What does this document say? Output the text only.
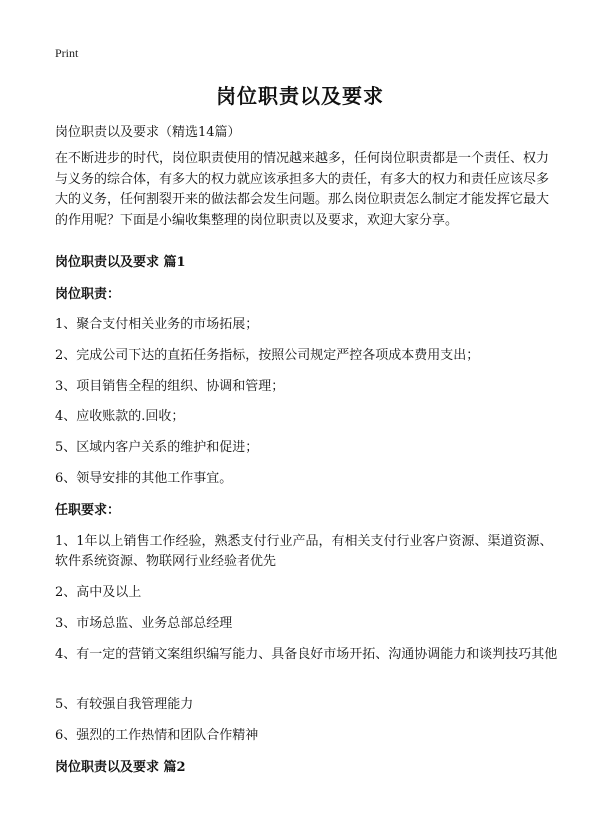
Print
岗位职责以及要求
岗位职责以及要求（精选14篇）

在不断进步的时代，岗位职责使用的情况越来越多，任何岗位职责都是一个责任、权力与义务的综合体，有多大的权力就应该承担多大的责任，有多大的权力和责任应该尽多大的义务，任何割裂开来的做法都会发生问题。那么岗位职责怎么制定才能发挥它最大的作用呢？下面是小编收集整理的岗位职责以及要求，欢迎大家分享。

岗位职责以及要求 篇1
岗位职责：
1、聚合支付相关业务的市场拓展；
2、完成公司下达的直拓任务指标，按照公司规定严控各项成本费用支出；
3、项目销售全程的组织、协调和管理；
4、应收账款的.回收；
5、区域内客户关系的维护和促进；
6、领导安排的其他工作事宜。
任职要求：
1、1年以上销售工作经验，熟悉支付行业产品，有相关支付行业客户资源、渠道资源、软件系统资源、物联网行业经验者优先
2、高中及以上
3、市场总监、业务总部总经理
4、有一定的营销文案组织编写能力、具备良好市场开拓、沟通协调能力和谈判技巧其他
5、有较强自我管理能力
6、强烈的工作热情和团队合作精神
岗位职责以及要求 篇2
